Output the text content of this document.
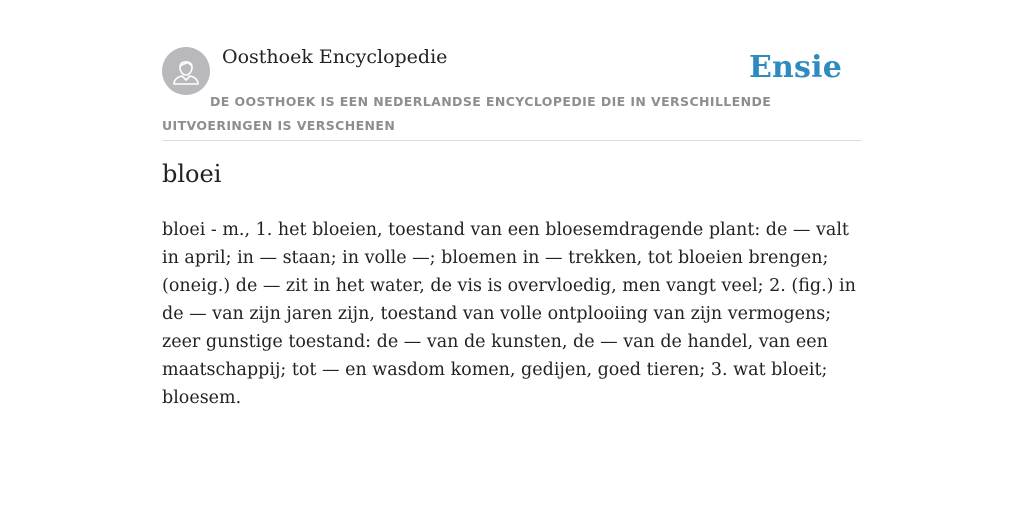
Oosthoek Encyclopedie	Ensie
DE OOSTHOEK IS EEN NEDERLANDSE ENCYCLOPEDIE DIE IN VERSCHILLENDE UITVOERINGEN IS VERSCHENEN
bloei

bloei - m., 1. het bloeien, toestand van een bloesemdragende plant: de — valt in april; in — staan; in volle —; bloemen in — trekken, tot bloeien brengen; (oneig.) de — zit in het water, de vis is overvloedig, men vangt veel; 2. (fig.) in de — van zijn jaren zijn, toestand van volle ontplooiing van zijn vermogens; zeer gunstige toestand: de — van de kunsten, de — van de handel, van een maatschappij; tot — en wasdom komen, gedijen, goed tieren; 3. wat bloeit; bloesem.
